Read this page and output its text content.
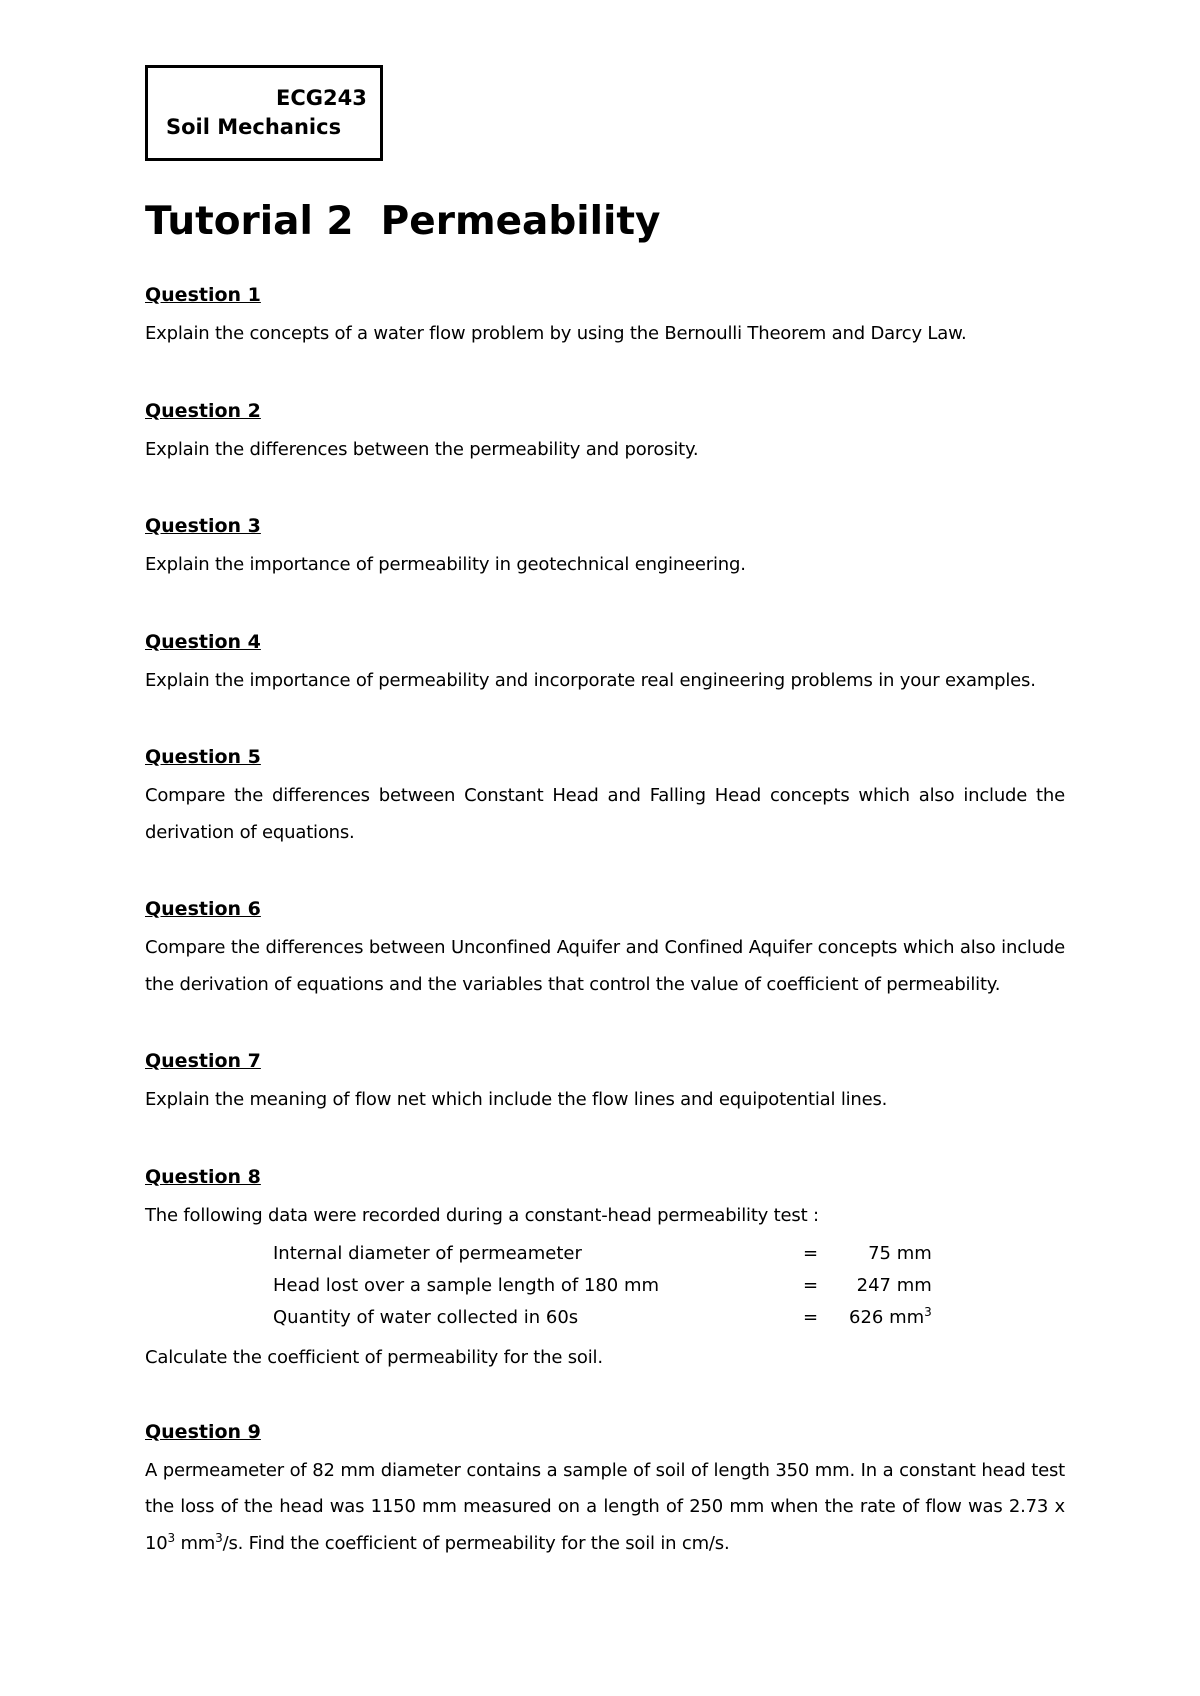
ECG243
Soil Mechanics
Tutorial 2  Permeability
Question 1

Explain the concepts of a water flow problem by using the Bernoulli Theorem and Darcy Law.

Question 2

Explain the differences between the permeability and porosity.

Question 3

Explain the importance of permeability in geotechnical engineering.

Question 4

Explain the importance of permeability and incorporate real engineering problems in your examples.

Question 5

Compare the differences between Constant Head and Falling Head concepts which also include the derivation of equations.

Question 6

Compare the differences between Unconfined Aquifer and Confined Aquifer concepts which also include the derivation of equations and the variables that control the value of coefficient of permeability.

Question 7

Explain the meaning of flow net which include the flow lines and equipotential lines.

Question 8

The following data were recorded during a constant-head permeability test :

Internal diameter of permeameter	=	75 mm
Head lost over a sample length of 180 mm	=	247 mm
Quantity of water collected in 60s	=	626 $mm^3$

Calculate the coefficient of permeability for the soil.

Question 9

A permeameter of 82 mm diameter contains a sample of soil of length 350 mm. In a constant head test the loss of the head was 1150 mm measured on a length of 250 mm when the rate of flow was 2.73 x $10^3$ $mm^3/s$. Find the coefficient of permeability for the soil in cm/s.
